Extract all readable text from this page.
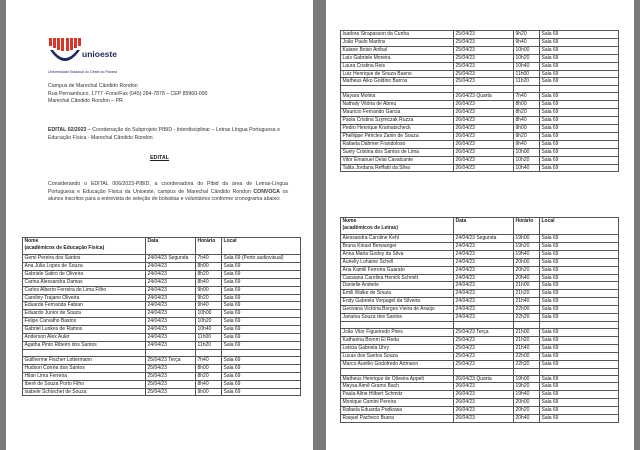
unioeste
Universidade Estadual do Oeste do Paraná
Campus de Marechal Cândido Rondon
Rua Pernambuco, 1777 -Fone/Fax (045) 284-7878 – CEP 85960-000
Marechal Cândido Rondon – PR
EDITAL 02/2023 – Coordenação do Subprojeto PIBID - Interdisciplinar – Letras Língua Portuguesa e Educação Física - Marechal Cândido Rondon
EDITAL
Considerando o EDITAL 006/2023-PIBID, a coordenadora do Pibid da área de Letras-Língua Portuguesa e Educação Física da Unioeste, campus de Marechal Cândido Rondon CONVOCA os alunos inscritos para a entrevista de seleção de bolsistas e voluntários conforme cronograma abaixo:
Nome
(acadêmicos de Educação Física)	Data	Horário	Local
Gemi Pereira dos Santos	24/04/23 Segunda	7h40	Sala 69 (Perto audiovisual)
Ana Júlia Lopes de Souza	24/04/23	8h00	Sala 69
Gabriele Satiro de Oliveira	24/04/23	8h20	Sala 69
Carina Alessandra Damas	24/04/23	8h40	Sala 69
Carlos Alberto Ferreira de Lima Filho	24/04/23	9h00	Sala 69
Caroliny Trajano Oliveira	24/04/23	9h20	Sala 69
Eduarda Fernanda Fabian	24/04/23	9h40	Sala 69
Eduardo Junior de Souza	24/04/23	10h00	Sala 69
Felipe Carvalho Bastos	24/04/23	10h20	Sala 69
Gabriel Lunkes de Ramos	24/04/23	10h40	Sala 69
Anderson Alex Auler	24/04/23	11h00	Sala 69
Agatha Pinto Ribeiro dos Santos	24/04/23	11h20	Sala 69

Guilherme Fischer Lottermann	25/04/23 Terça	7h40	Sala 69
Hudson Corrêa dos Santos	25/04/23	8h00	Sala 69
Hilan Lima Ferreira	25/04/23	8h20	Sala 69
Iberê de Souza Porto Filho	25/04/23	8h40	Sala 69
Isabele Schiochet de Souza	25/04/23	9h00	Sala 69
Isadora Strapasson da Cunha	25/04/23	9h20	Sala 69
João Paulo Martins	25/04/23	9h40	Sala 69
Kaiane Boiso Anibal	25/04/23	10h00	Sala 69
Laís Gabriele Moreira	25/04/23	10h20	Sala 69
Laura Cristina Reis	25/04/23	10h40	Sala 69
Luiz Henrique de Souza Bueno	25/04/23	11h00	Sala 69
Matheus Aiko Goldino Barros	25/04/23	11h20	Sala 69

Mayara Molina	26/04/23 Quarta	7h40	Sala 69
Nathaly Vitória de Abreu	26/04/23	8h00	Sala 69
Mauricio Fernando Garcia	26/04/23	8h20	Sala 69
Paola Cristina Szymczak Ruzza	26/04/23	8h40	Sala 69
Pedro Henrique Kramatscheck	26/04/23	9h00	Sala 69
Phellippe Péricles Zanin de Souza	26/04/23	9h20	Sala 69
Rafaela Dahmer Frandoloso	26/04/23	9h40	Sala 69
Suely Cristina dos Santos de Lima	26/04/23	10h00	Sala 69
Vitor Emanuel Delai Cavalcante	26/04/23	10h20	Sala 69
Talita Jordana Reffatti da Silva	26/04/23	10h40	Sala 69
Nome
(acadêmicos de Letras)	Data	Horário	Local
Alessandra Caroline Kehl	24/04/23 Segunda	19h00	Sala 69
Bruna Kinast Berwanger	24/04/23	19h20	Sala 69
Anna Maria Godoy da Silva	24/04/23	19h40	Sala 69
Aurielly Lohaine Schell	24/04/23	20h00	Sala 69
Ana Kamili Ferreira Guarato	24/04/23	20h20	Sala 69
Cassiana Carolina Henick Schmitt	24/04/23	20h40	Sala 69
Danielle Anderle	24/04/23	21h00	Sala 69
Emili Walke de Souza	24/04/23	21h20	Sala 69
Endy Gabriela Vorpagel da Silveira	24/04/23	21h40	Sala 69
Geovana Victória Borges Vieira de Araújo	24/04/23	22h00	Sala 69
Janaina Souza dos Santos	24/04/23	22h20	Sala 69

João Vitor Figueiredo Pires	25/04/23 Terça	21h00	Sala 69
Katharina Bomm El Reda	25/04/23	21h20	Sala 69
Leticia Gabriela Uhry	25/04/23	21h40	Sala 69
Lucas dos Santos Souza	25/04/23	22h00	Sala 69
Marco Aurélio Godofredo Artmann	25/04/23	22h20	Sala 69

Matheus Henrique de Oliveira Appelt	26/04/23 Quarta	19h00	Sala 69
Maysa Aimê Grams Bach	26/04/23	19h20	Sala 69
Paula Aline Hilbert Schmitz	26/04/23	19h40	Sala 69
Monique Camini Pereira	26/04/23	20h00	Sala 69
Rafaela Eduarda Podkowa	26/04/23	20h20	Sala 69
Raquel Pacheco Buera	26/04/23	20h40	Sala 69
